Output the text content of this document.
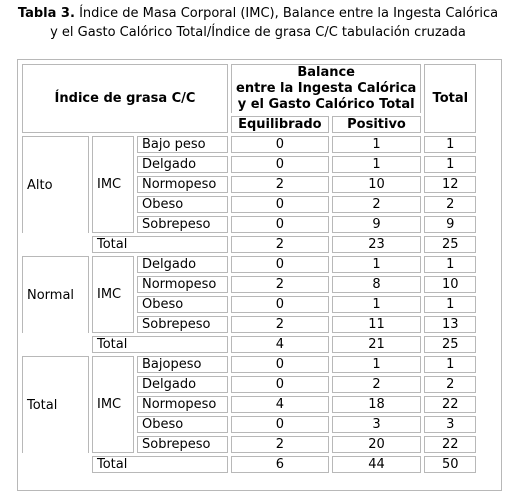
Tabla 3. Índice de Masa Corporal (IMC), Balance entre la Ingesta Calórica
y el Gasto Calórico Total/Índice de grasa C/C tabulación cruzada
Índice de grasa C/C			Balance
entre la Ingesta Calórica
y el Gasto Calórico Total		Total
			Equilibrado	Positivo	
Alto	IMC	Bajo peso	0	1	1
		Delgado	0	1	1
		Normopeso	2	10	12
		Obeso	0	2	2
		Sobrepeso	0	9	9
	Total		2	23	25
Normal	IMC	Delgado	0	1	1
		Normopeso	2	8	10
		Obeso	0	1	1
		Sobrepeso	2	11	13
	Total		4	21	25
Total	IMC	Bajopeso	0	1	1
		Delgado	0	2	2
		Normopeso	4	18	22
		Obeso	0	3	3
		Sobrepeso	2	20	22
	Total		6	44	50
